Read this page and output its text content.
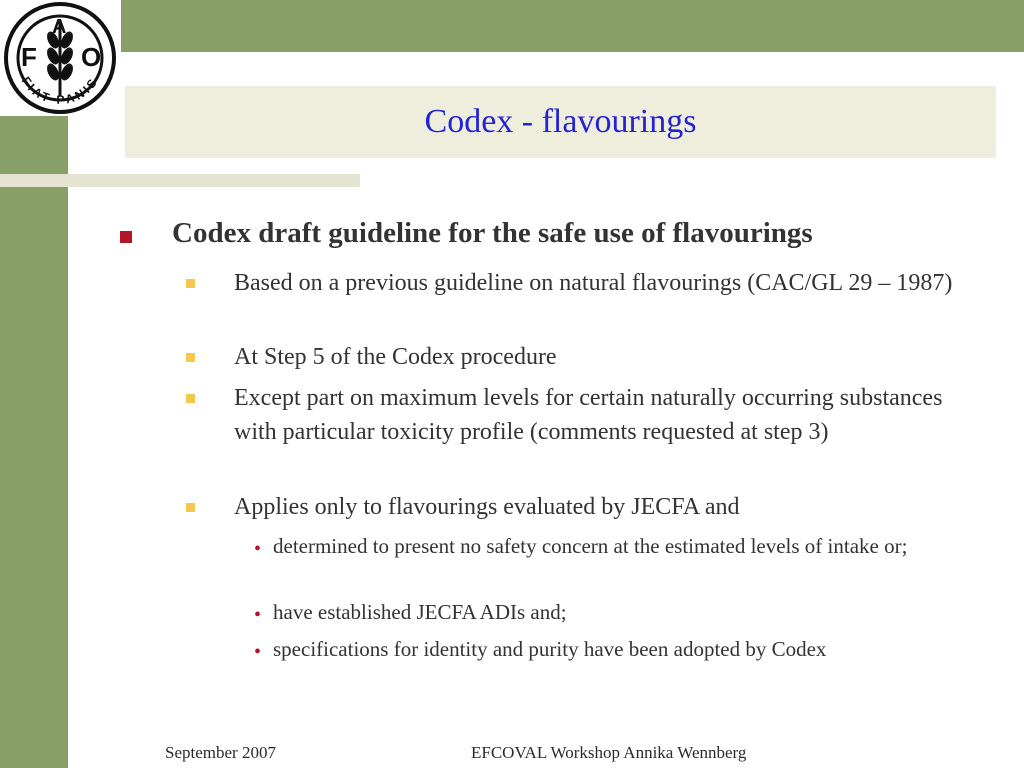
F
A
O
FIAT PANIS
Codex - flavourings
Codex draft guideline for the safe use of flavourings
Based on a previous guideline on natural flavourings (CAC/GL 29 – 1987)
At Step 5 of the Codex procedure
Except part on maximum levels for certain naturally occurring substances with particular toxicity profile (comments requested at step 3)
Applies only to flavourings evaluated by JECFA and
• determined to present no safety concern at the estimated levels of intake or;
• have established JECFA ADIs and;
• specifications for identity and purity have been adopted by Codex
September 2007	EFCOVAL Workshop Annika Wennberg
